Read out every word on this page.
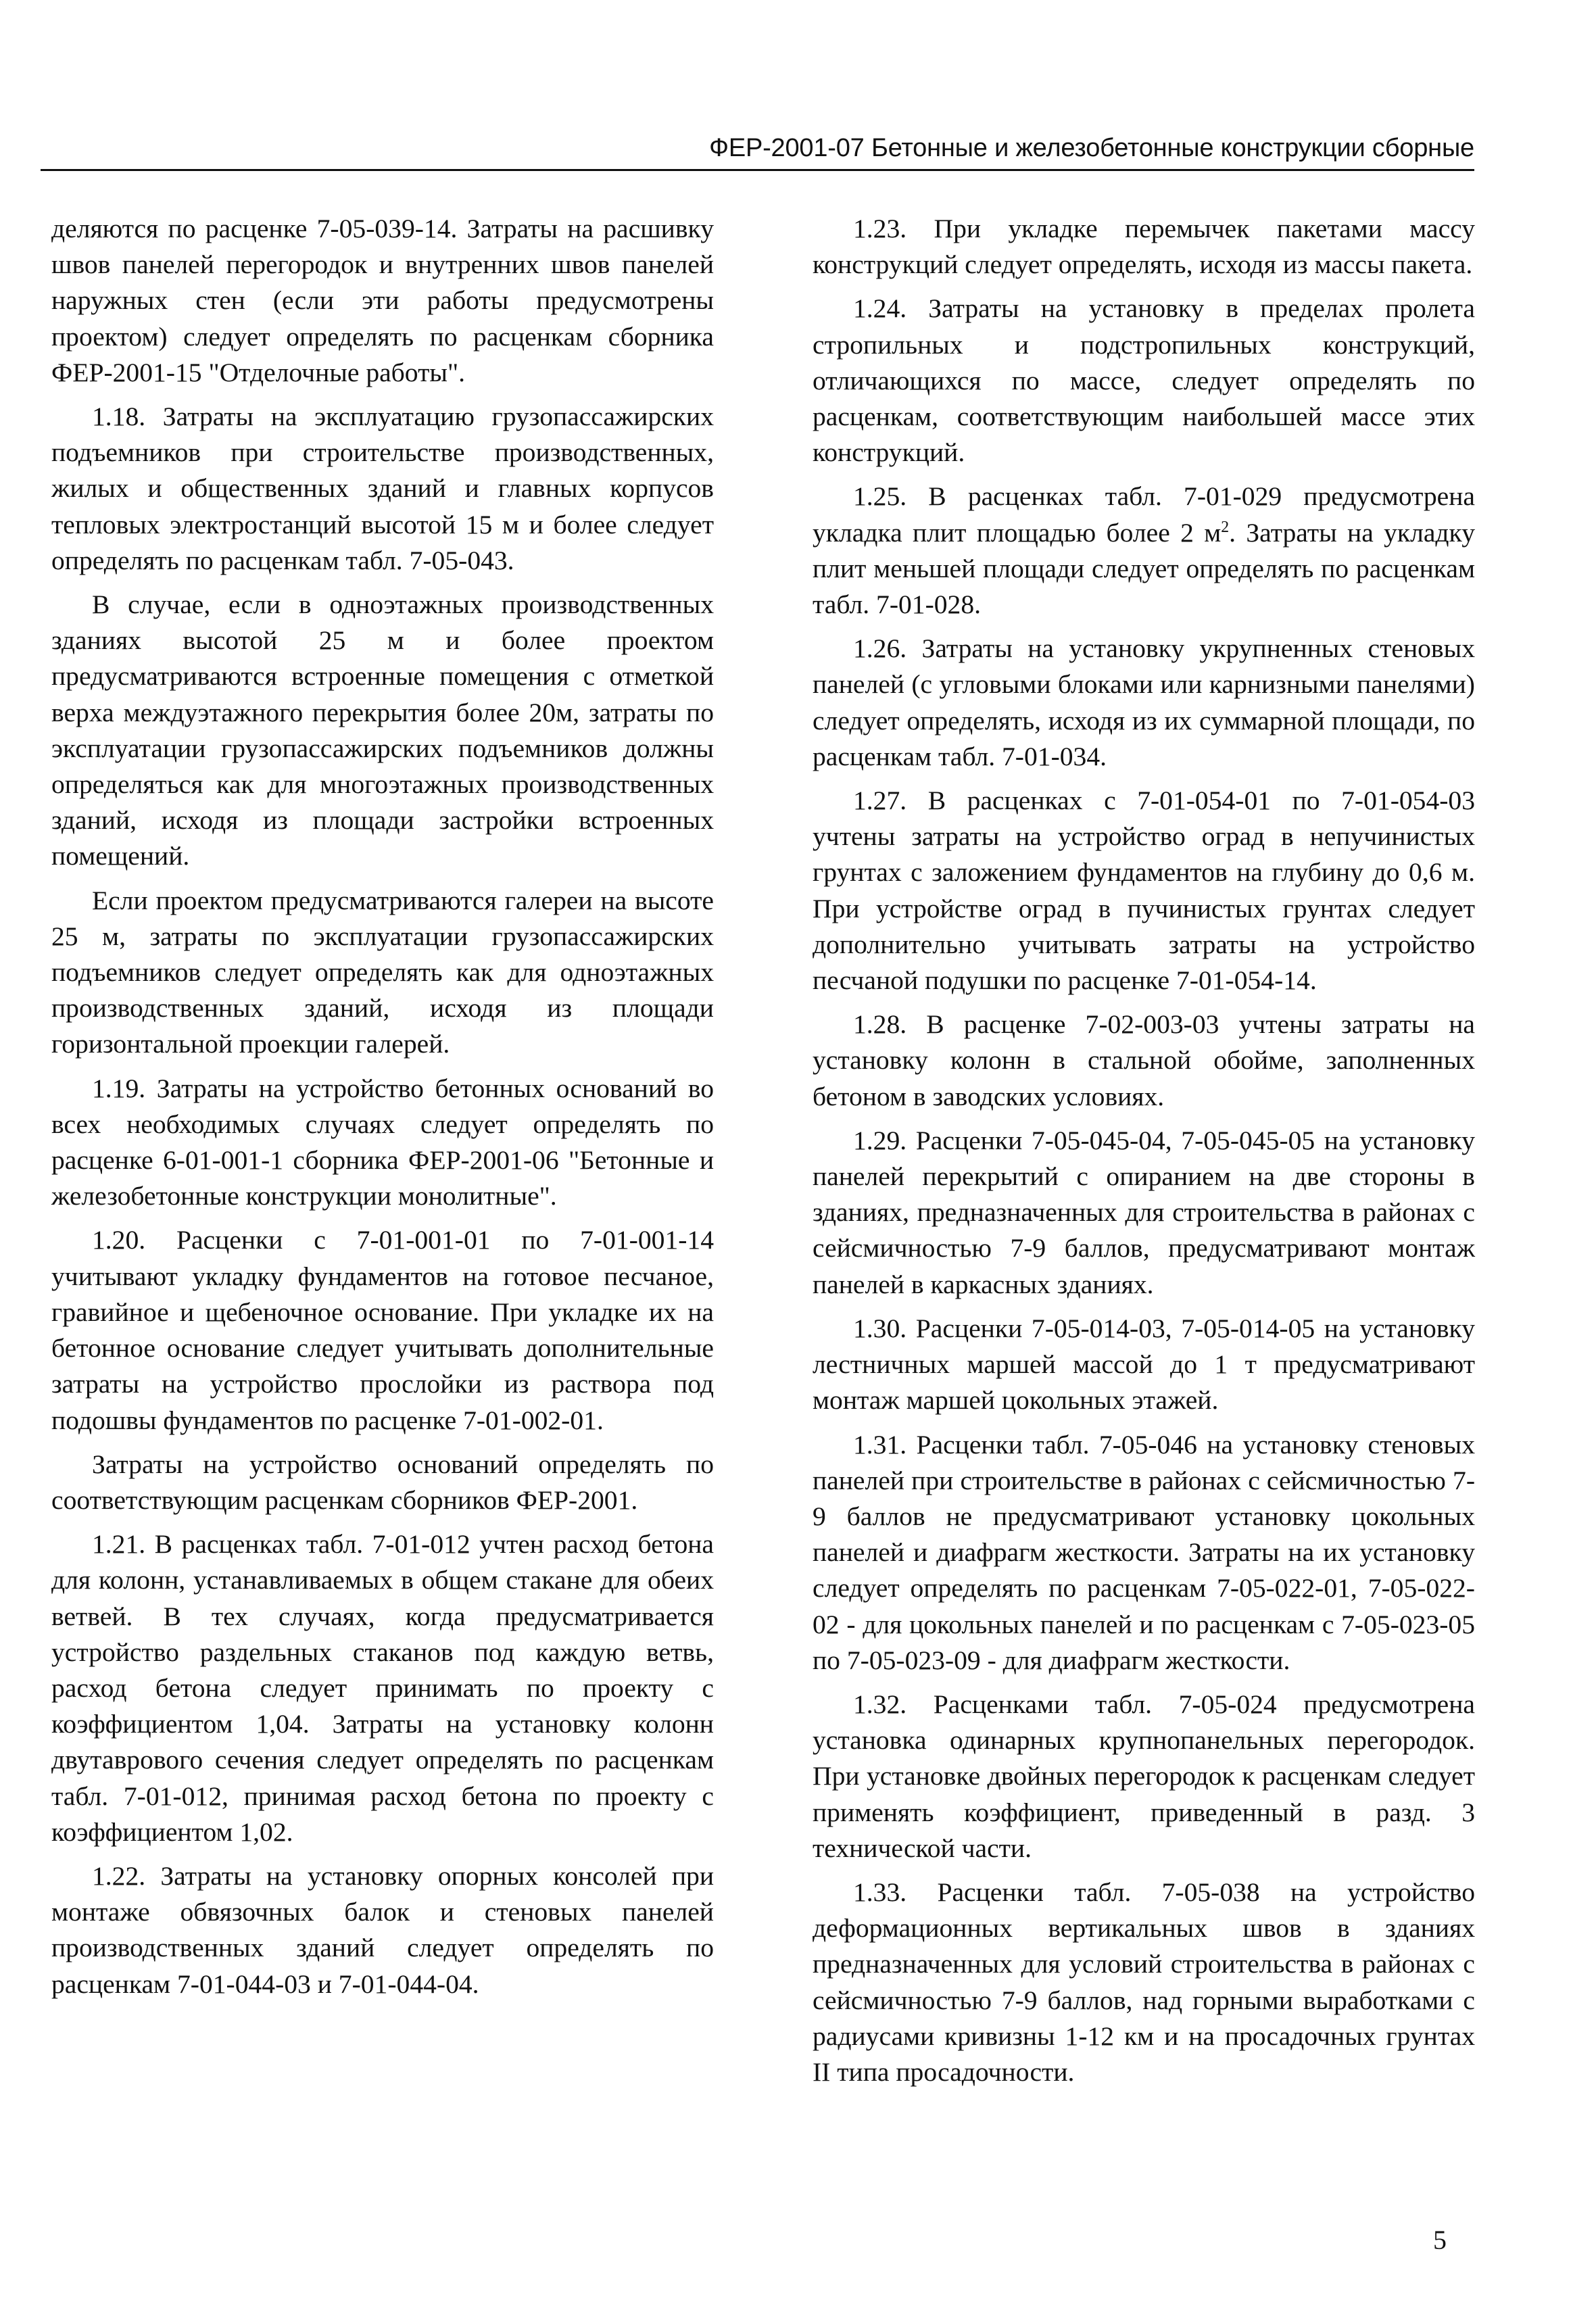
ФЕР-2001-07 Бетонные и железобетонные конструкции сборные

деляются по расценке 7-05-039-14. Затраты на расшивку швов панелей перегородок и внутренних швов панелей наружных стен (если эти работы предусмотрены проектом) следует определять по расценкам сборника ФЕР-2001-15 "Отделочные работы".

1.18. Затраты на эксплуатацию грузопассажирских подъемников при строительстве производственных, жилых и общественных зданий и главных корпусов тепловых электростанций высотой 15 м и более следует определять по расценкам табл. 7-05-043.

В случае, если в одноэтажных производственных зданиях высотой 25 м и более проектом предусматриваются встроенные помещения с отметкой верха междуэтажного перекрытия более 20м, затраты по эксплуатации грузопассажирских подъемников должны определяться как для многоэтажных производственных зданий, исходя из площади застройки встроенных помещений.

Если проектом предусматриваются галереи на высоте 25 м, затраты по эксплуатации грузопассажирских подъемников следует определять как для одноэтажных производственных зданий, исходя из площади горизонтальной проекции галерей.

1.19. Затраты на устройство бетонных оснований во всех необходимых случаях следует определять по расценке 6-01-001-1 сборника ФЕР-2001-06 "Бетонные и железобетонные конструкции монолитные".

1.20. Расценки с 7-01-001-01 по 7-01-001-14 учитывают укладку фундаментов на готовое песчаное, гравийное и щебеночное основание. При укладке их на бетонное основание следует учитывать дополнительные затраты на устройство прослойки из раствора под подошвы фундаментов по расценке 7-01-002-01.

Затраты на устройство оснований определять по соответствующим расценкам сборников ФЕР-2001.

1.21. В расценках табл. 7-01-012 учтен расход бетона для колонн, устанавливаемых в общем стакане для обеих ветвей. В тех случаях, когда предусматривается устройство раздельных стаканов под каждую ветвь, расход бетона следует принимать по проекту с коэффициентом 1,04. Затраты на установку колонн двутаврового сечения следует определять по расценкам табл. 7-01-012, принимая расход бетона по проекту с коэффициентом 1,02.

1.22. Затраты на установку опорных консолей при монтаже обвязочных балок и стеновых панелей производственных зданий следует определять по расценкам 7-01-044-03 и 7-01-044-04.

1.23. При укладке перемычек пакетами массу конструкций следует определять, исходя из массы пакета.

1.24. Затраты на установку в пределах пролета стропильных и подстропильных конструкций, отличающихся по массе, следует определять по расценкам, соответствующим наибольшей массе этих конструкций.

1.25. В расценках табл. 7-01-029 предусмотрена укладка плит площадью более 2 $м^2$. Затраты на укладку плит меньшей площади следует определять по расценкам табл. 7-01-028.

1.26. Затраты на установку укрупненных стеновых панелей (с угловыми блоками или карнизными панелями) следует определять, исходя из их суммарной площади, по расценкам табл. 7-01-034.

1.27. В расценках с 7-01-054-01 по 7-01-054-03 учтены затраты на устройство оград в непучинистых грунтах с заложением фундаментов на глубину до 0,6 м. При устройстве оград в пучинистых грунтах следует дополнительно учитывать затраты на устройство песчаной подушки по расценке 7-01-054-14.

1.28. В расценке 7-02-003-03 учтены затраты на установку колонн в стальной обойме, заполненных бетоном в заводских условиях.

1.29. Расценки 7-05-045-04, 7-05-045-05 на установку панелей перекрытий с опиранием на две стороны в зданиях, предназначенных для строительства в районах с сейсмичностью 7-9 баллов, предусматривают монтаж панелей в каркасных зданиях.

1.30. Расценки 7-05-014-03, 7-05-014-05 на установку лестничных маршей массой до 1 т предусматривают монтаж маршей цокольных этажей.

1.31. Расценки табл. 7-05-046 на установку стеновых панелей при строительстве в районах с сейсмичностью 7-9 баллов не предусматривают установку цокольных панелей и диафрагм жесткости. Затраты на их установку следует определять по расценкам 7-05-022-01, 7-05-022-02 - для цокольных панелей и по расценкам с 7-05-023-05 по 7-05-023-09 - для диафрагм жесткости.

1.32. Расценками табл. 7-05-024 предусмотрена установка одинарных крупнопанельных перегородок. При установке двойных перегородок к расценкам следует применять коэффициент, приведенный в разд. 3 технической части.

1.33. Расценки табл. 7-05-038 на устройство деформационных вертикальных швов в зданиях предназначенных для условий строительства в районах с сейсмичностью 7-9 баллов, над горными выработками с радиусами кривизны 1-12 км и на просадочных грунтах II типа просадочности.

5
